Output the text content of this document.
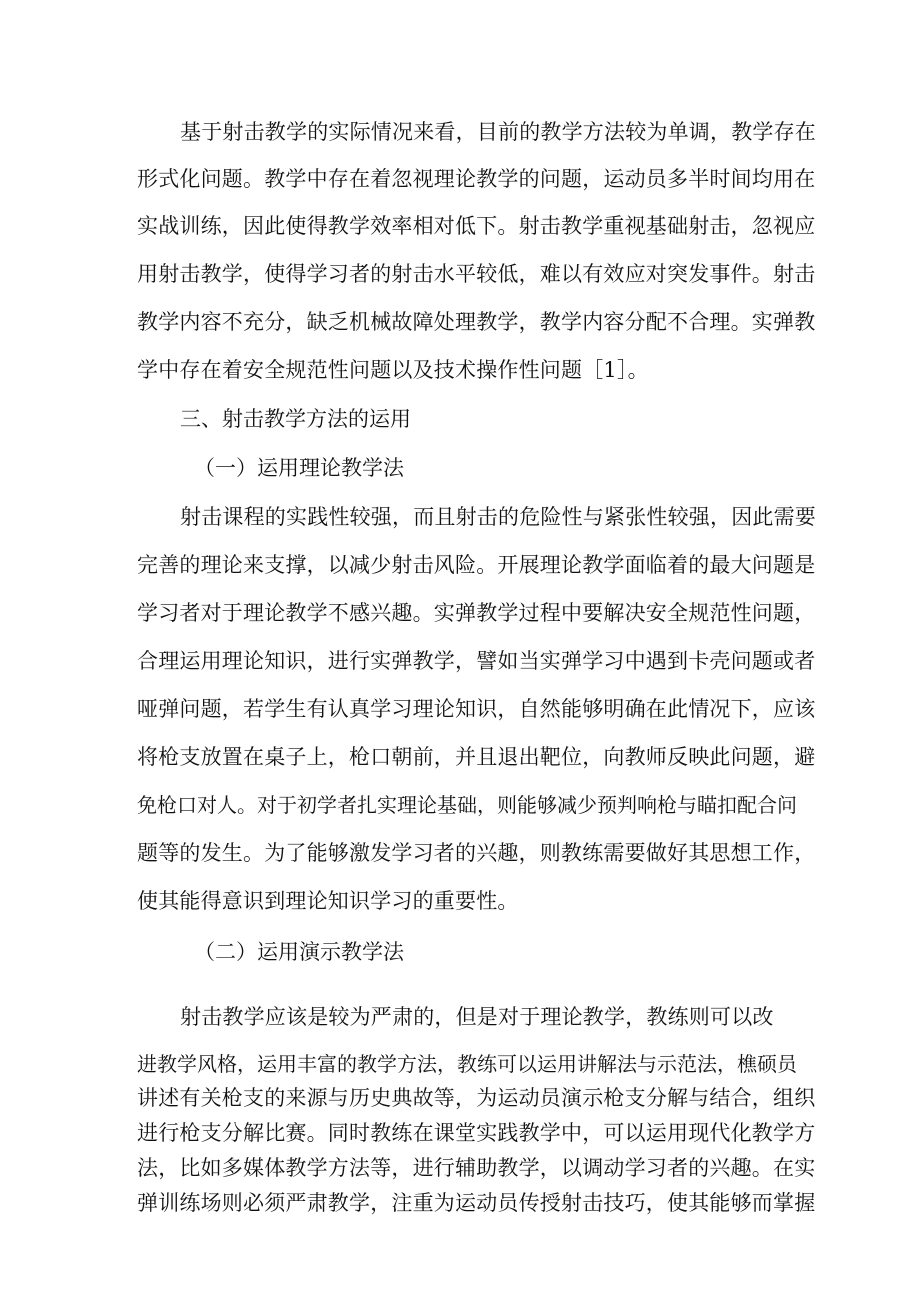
基于射击教学的实际情况来看，目前的教学方法较为单调，教学存在

形式化问题。教学中存在着忽视理论教学的问题，运动员多半时间均用在

实战训练，因此使得教学效率相对低下。射击教学重视基础射击，忽视应

用射击教学，使得学习者的射击水平较低，难以有效应对突发事件。射击

教学内容不充分，缺乏机械故障处理教学，教学内容分配不合理。实弹教

学中存在着安全规范性问题以及技术操作性问题［1］。

三、射击教学方法的运用

（一）运用理论教学法

射击课程的实践性较强，而且射击的危险性与紧张性较强，因此需要

完善的理论来支撑，以减少射击风险。开展理论教学面临着的最大问题是

学习者对于理论教学不感兴趣。实弹教学过程中要解决安全规范性问题，

合理运用理论知识，进行实弹教学，譬如当实弹学习中遇到卡壳问题或者

哑弹问题，若学生有认真学习理论知识，自然能够明确在此情况下，应该

将枪支放置在桌子上，枪口朝前，并且退出靶位，向教师反映此问题，避

免枪口对人。对于初学者扎实理论基础，则能够减少预判响枪与瞄扣配合问

题等的发生。为了能够激发学习者的兴趣，则教练需要做好其思想工作，

使其能得意识到理论知识学习的重要性。

（二）运用演示教学法

射击教学应该是较为严肃的，但是对于理论教学，教练则可以改

进教学风格，运用丰富的教学方法，教练可以运用讲解法与示范法，樵硕员

讲述有关枪支的来源与历史典故等，为运动员演示枪支分解与结合，组织

进行枪支分解比赛。同时教练在课堂实践教学中，可以运用现代化教学方

法，比如多媒体教学方法等，进行辅助教学，以调动学习者的兴趣。在实

弹训练场则必须严肃教学，注重为运动员传授射击技巧，使其能够而掌握
